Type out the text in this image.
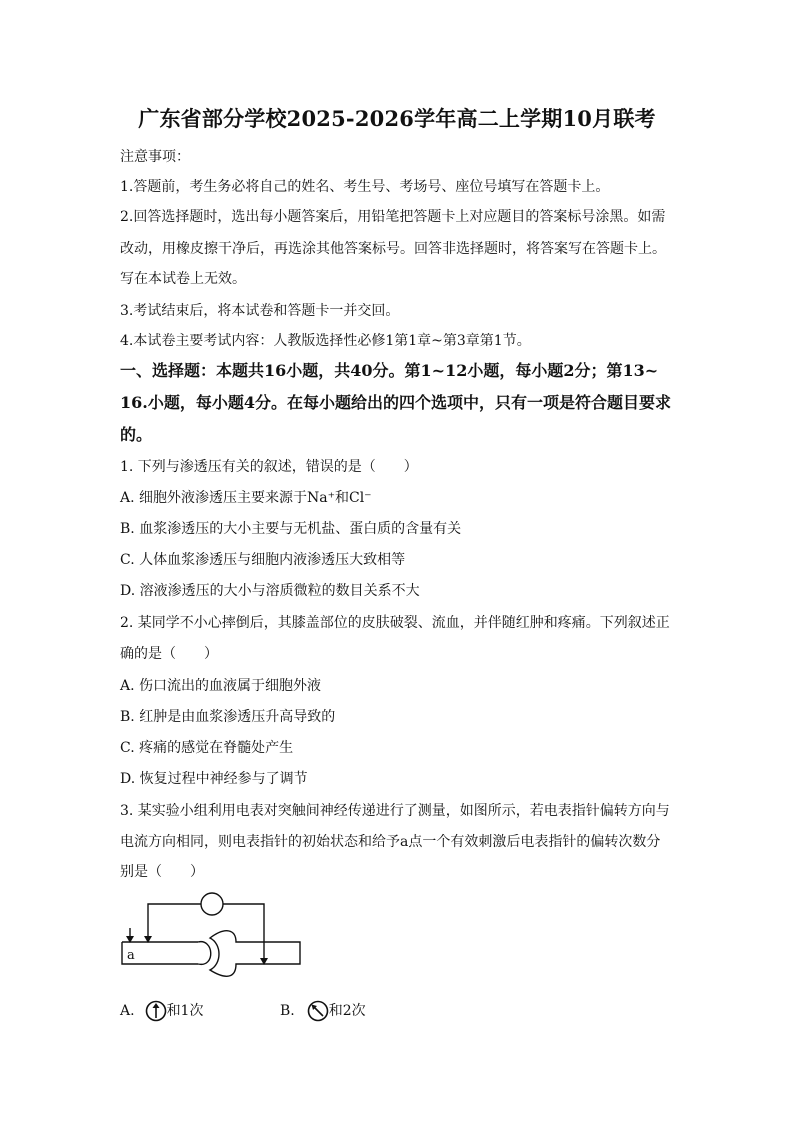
广东省部分学校2025-2026学年高二上学期10月联考
注意事项：
1.答题前，考生务必将自己的姓名、考生号、考场号、座位号填写在答题卡上。
2.回答选择题时，选出每小题答案后，用铅笔把答题卡上对应题目的答案标号涂黑。如需
改动，用橡皮擦干净后，再选涂其他答案标号。回答非选择题时，将答案写在答题卡上。
写在本试卷上无效。
3.考试结束后，将本试卷和答题卡一并交回。
4.本试卷主要考试内容：人教版选择性必修1第1章~第3章第1节。
一、选择题：本题共16小题，共40分。第1~12小题，每小题2分；第13~
16.小题，每小题4分。在每小题给出的四个选项中，只有一项是符合题目要求
的。
1. 下列与渗透压有关的叙述，错误的是（　　）
A. 细胞外液渗透压主要来源于Na⁺和Cl⁻
B. 血浆渗透压的大小主要与无机盐、蛋白质的含量有关
C. 人体血浆渗透压与细胞内液渗透压大致相等
D. 溶液渗透压的大小与溶质微粒的数目关系不大
2. 某同学不小心摔倒后，其膝盖部位的皮肤破裂、流血，并伴随红肿和疼痛。下列叙述正
确的是（　　）
A. 伤口流出的血液属于细胞外液
B. 红肿是由血浆渗透压升高导致的
C. 疼痛的感觉在脊髓处产生
D. 恢复过程中神经参与了调节
3. 某实验小组利用电表对突触间神经传递进行了测量，如图所示，若电表指针偏转方向与
电流方向相同，则电表指针的初始状态和给予a点一个有效刺激后电表指针的偏转次数分
别是（　　）
a
A. 和1次	B. 和2次
